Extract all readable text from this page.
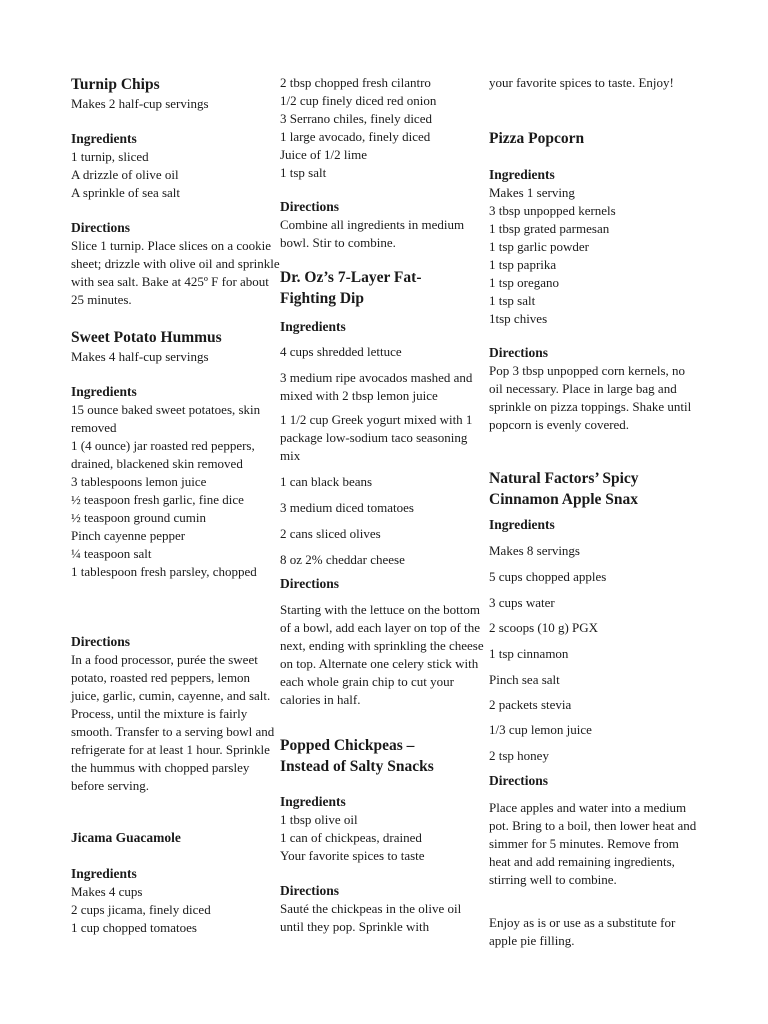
Turnip Chips

Makes 2 half-cup servings

Ingredients

1 turnip, sliced
A drizzle of olive oil
A sprinkle of sea salt

Directions

Slice 1 turnip. Place slices on a cookie sheet; drizzle with olive oil and sprinkle with sea salt. Bake at 425º F for about 25 minutes.

Sweet Potato Hummus

Makes 4 half-cup servings

Ingredients

15 ounce baked sweet potatoes, skin removed
1 (4 ounce) jar roasted red peppers, drained, blackened skin removed
3 tablespoons lemon juice
½ teaspoon fresh garlic, fine dice
½ teaspoon ground cumin
Pinch cayenne pepper
¼ teaspoon salt
1 tablespoon fresh parsley, chopped

Directions

In a food processor, purée the sweet potato, roasted red peppers, lemon juice, garlic, cumin, cayenne, and salt. Process, until the mixture is fairly smooth. Transfer to a serving bowl and refrigerate for at least 1 hour. Sprinkle the hummus with chopped parsley before serving.

Jicama Guacamole

Ingredients

Makes 4 cups
2 cups jicama, finely diced
1 cup chopped tomatoes
2 tbsp chopped fresh cilantro
1/2 cup finely diced red onion
3 Serrano chiles, finely diced
1 large avocado, finely diced
Juice of 1/2 lime
1 tsp salt

Directions

Combine all ingredients in medium bowl. Stir to combine.

Dr. Oz’s 7-Layer Fat-Fighting Dip

Ingredients

4 cups shredded lettuce

3 medium ripe avocados mashed and mixed with 2 tbsp lemon juice

1 1/2 cup Greek yogurt mixed with 1 package low-sodium taco seasoning mix

1 can black beans

3 medium diced tomatoes

2 cans sliced olives

8 oz 2% cheddar cheese

Directions

Starting with the lettuce on the bottom of a bowl, add each layer on top of the next, ending with sprinkling the cheese on top. Alternate one celery stick with each whole grain chip to cut your calories in half.

Popped Chickpeas – Instead of Salty Snacks

Ingredients

1 tbsp olive oil
1 can of chickpeas, drained
Your favorite spices to taste

Directions

Sauté the chickpeas in the olive oil until they pop. Sprinkle with

your favorite spices to taste. Enjoy!

Pizza Popcorn

Ingredients

Makes 1 serving
3 tbsp unpopped kernels
1 tbsp grated parmesan
1 tsp garlic powder
1 tsp paprika
1 tsp oregano
1 tsp salt
1tsp chives

Directions

Pop 3 tbsp unpopped corn kernels, no oil necessary. Place in large bag and sprinkle on pizza toppings. Shake until popcorn is evenly covered.

Natural Factors’ Spicy Cinnamon Apple Snax

Ingredients

Makes 8 servings

5 cups chopped apples

3 cups water

2 scoops (10 g) PGX

1 tsp cinnamon

Pinch sea salt

2 packets stevia

1/3 cup lemon juice

2 tsp honey

Directions

Place apples and water into a medium pot. Bring to a boil, then lower heat and simmer for 5 minutes. Remove from heat and add remaining ingredients, stirring well to combine.

Enjoy as is or use as a substitute for apple pie filling.
